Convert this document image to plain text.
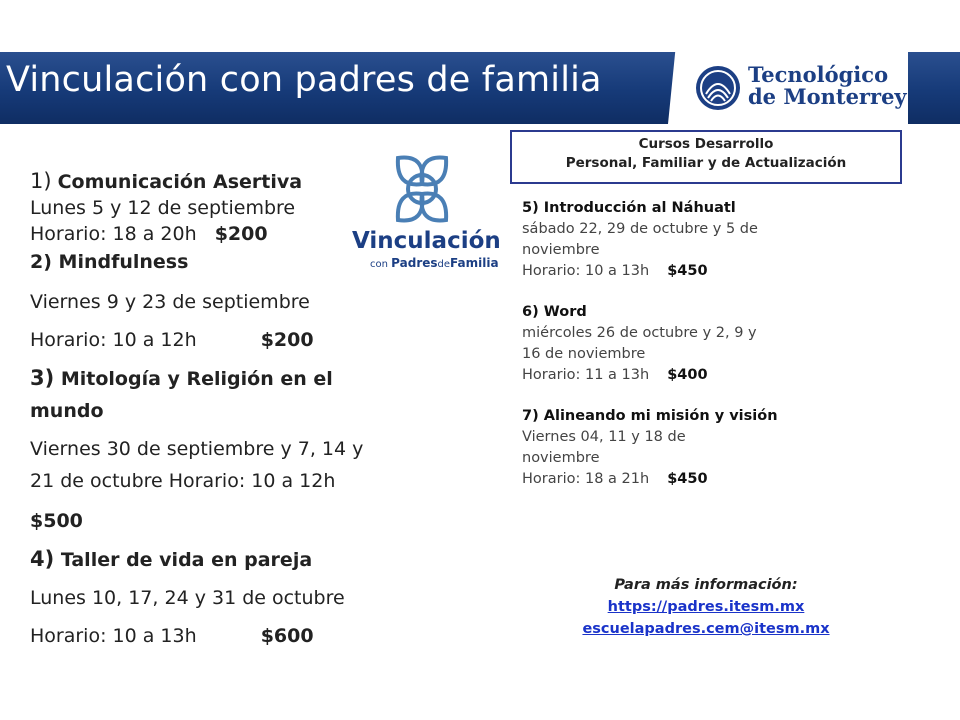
Vinculación con padres de familia	Tecnológico
de Monterrey
Vinculación
con PadresdeFamilia
1) Comunicación Asertiva
Lunes 5 y 12 de septiembre
Horario: 18 a 20h $200
2) Mindfulness
Viernes 9 y 23 de septiembre
Horario: 10 a 12h	$200
3) Mitología y Religión en el
mundo
Viernes 30 de septiembre y 7, 14 y
21 de octubre Horario: 10 a 12h
$500
4) Taller de vida en pareja
Lunes 10, 17, 24 y 31 de octubre
Horario: 10 a 13h	$600
Cursos Desarrollo
Personal, Familiar y de Actualización
5) Introducción al Náhuatl
sábado 22, 29 de octubre y 5 de
noviembre
Horario: 10 a 13h $450
6) Word
miércoles 26 de octubre y 2, 9 y
16 de noviembre
Horario: 11 a 13h $400
7) Alineando mi misión y visión
Viernes 04, 11 y 18 de
noviembre
Horario: 18 a 21h $450
Para más información:
https://padres.itesm.mx
escuelapadres.cem@itesm.mx
